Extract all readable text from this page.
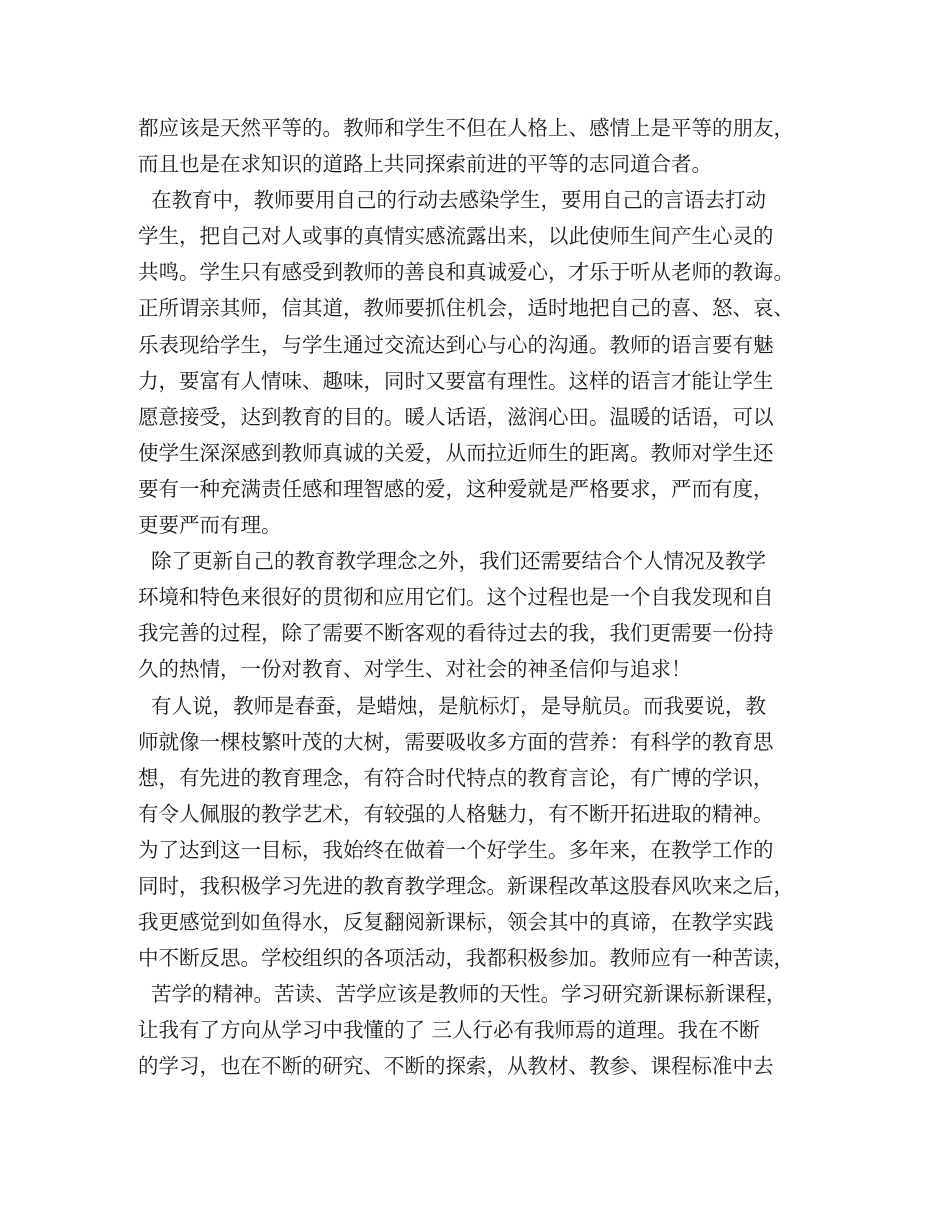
都应该是天然平等的。教师和学生不但在人格上、感情上是平等的朋友，
而且也是在求知识的道路上共同探索前进的平等的志同道合者。
在教育中，教师要用自己的行动去感染学生，要用自己的言语去打动
学生，把自己对人或事的真情实感流露出来，以此使师生间产生心灵的
共鸣。学生只有感受到教师的善良和真诚爱心，才乐于听从老师的教诲。
正所谓亲其师，信其道，教师要抓住机会，适时地把自己的喜、怒、哀、
乐表现给学生，与学生通过交流达到心与心的沟通。教师的语言要有魅
力，要富有人情味、趣味，同时又要富有理性。这样的语言才能让学生
愿意接受，达到教育的目的。暖人话语，滋润心田。温暖的话语，可以
使学生深深感到教师真诚的关爱，从而拉近师生的距离。教师对学生还
要有一种充满责任感和理智感的爱，这种爱就是严格要求，严而有度，
更要严而有理。
除了更新自己的教育教学理念之外，我们还需要结合个人情况及教学
环境和特色来很好的贯彻和应用它们。这个过程也是一个自我发现和自
我完善的过程，除了需要不断客观的看待过去的我，我们更需要一份持
久的热情，一份对教育、对学生、对社会的神圣信仰与追求！
有人说，教师是春蚕，是蜡烛，是航标灯，是导航员。而我要说，教
师就像一棵枝繁叶茂的大树，需要吸收多方面的营养：有科学的教育思
想，有先进的教育理念，有符合时代特点的教育言论，有广博的学识，
有令人佩服的教学艺术，有较强的人格魅力，有不断开拓进取的精神。
为了达到这一目标，我始终在做着一个好学生。多年来，在教学工作的
同时，我积极学习先进的教育教学理念。新课程改革这股春风吹来之后，
我更感觉到如鱼得水，反复翻阅新课标，领会其中的真谛，在教学实践
中不断反思。学校组织的各项活动，我都积极参加。教师应有一种苦读，
苦学的精神。苦读、苦学应该是教师的天性。学习研究新课标新课程，
让我有了方向从学习中我懂的了 三人行必有我师焉的道理。我在不断
的学习，也在不断的研究、不断的探索，从教材、教参、课程标准中去
